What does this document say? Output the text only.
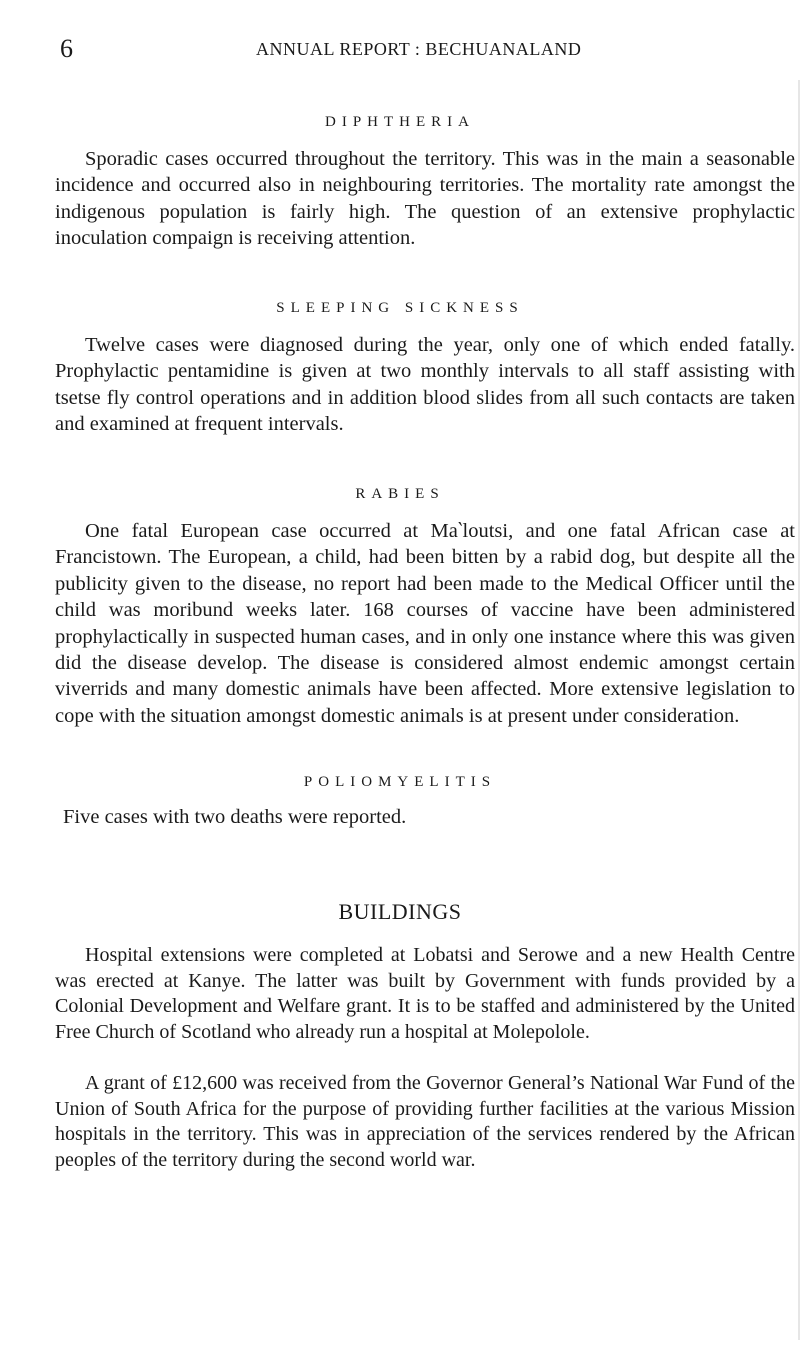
6	ANNUAL REPORT : BECHUANALAND
DIPHTHERIA

Sporadic cases occurred throughout the territory. This was in the main a seasonable incidence and occurred also in neighbouring territories. The mortality rate amongst the indigenous population is fairly high. The question of an extensive prophylactic inoculation compaign is receiving attention.

SLEEPING SICKNESS

Twelve cases were diagnosed during the year, only one of which ended fatally. Prophylactic pentamidine is given at two monthly intervals to all staff assisting with tsetse fly control operations and in addition blood slides from all such contacts are taken and examined at frequent intervals.

RABIES

One fatal European case occurred at Ma‵loutsi, and one fatal African case at Francistown. The European, a child, had been bitten by a rabid dog, but despite all the publicity given to the disease, no report had been made to the Medical Officer until the child was moribund weeks later. 168 courses of vaccine have been administered prophylactically in suspected human cases, and in only one instance where this was given did the disease develop. The disease is considered almost endemic amongst certain viverrids and many domestic animals have been affected. More extensive legislation to cope with the situation amongst domestic animals is at present under consideration.

POLIOMYELITIS

Five cases with two deaths were reported.

BUILDINGS

Hospital extensions were completed at Lobatsi and Serowe and a new Health Centre was erected at Kanye. The latter was built by Government with funds provided by a Colonial Development and Welfare grant. It is to be staffed and administered by the United Free Church of Scotland who already run a hospital at Molepolole.

A grant of £12,600 was received from the Governor General’s National War Fund of the Union of South Africa for the purpose of providing further facilities at the various Mission hospitals in the territory. This was in appreciation of the services rendered by the African peoples of the territory during the second world war.
